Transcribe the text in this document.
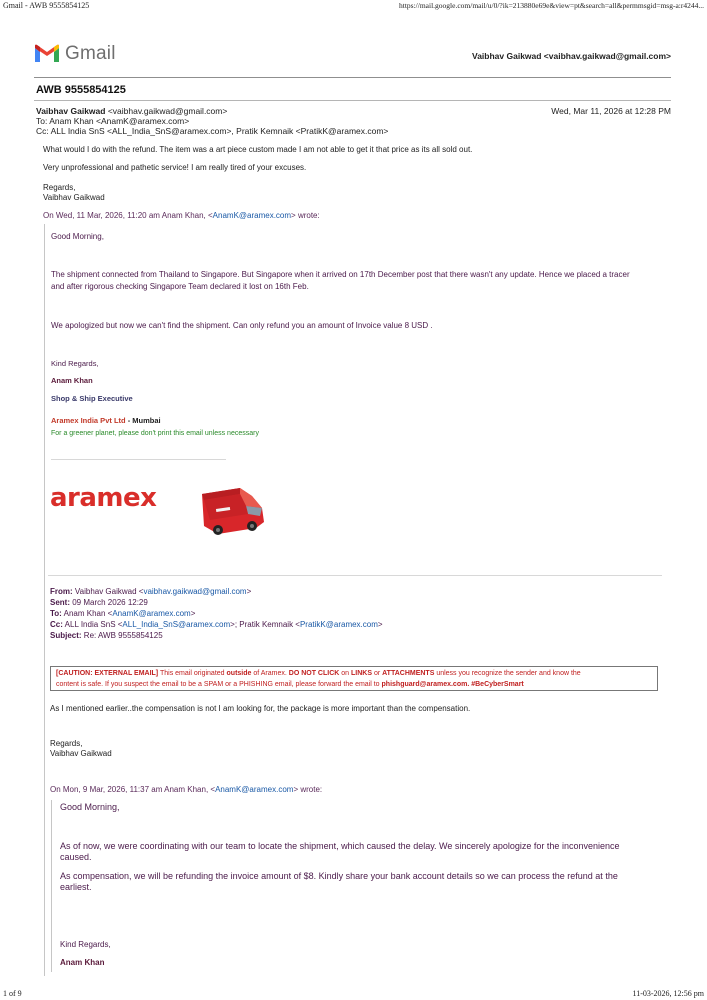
Gmail - AWB 9555854125	https://mail.google.com/mail/u/0/?ik=213880e69e&view=pt&search=all&permmsgid=msg-a:r4244...
1 of 9	11-03-2026, 12:56 pm
Gmail	Vaibhav Gaikwad <vaibhav.gaikwad@gmail.com>
AWB 9555854125
Vaibhav Gaikwad <vaibhav.gaikwad@gmail.com>	Wed, Mar 11, 2026 at 12:28 PM
To: Anam Khan <AnamK@aramex.com>
Cc: ALL India SnS <ALL_India_SnS@aramex.com>, Pratik Kemnaik <PratikK@aramex.com>
What would I do with the refund. The item was a art piece custom made I am not able to get it that price as its all sold out.
Very unprofessional and pathetic service! I am really tired of your excuses.
Regards,
Vaibhav Gaikwad
On Wed, 11 Mar, 2026, 11:20 am Anam Khan, <AnamK@aramex.com> wrote:
Good Morning,
The shipment connected from Thailand to Singapore. But Singapore when it arrived on 17th December post that there wasn't any update. Hence we placed a tracer
and after rigorous checking Singapore Team declared it lost on 16th Feb.
We apologized but now we can't find the shipment. Can only refund you an amount of Invoice value 8 USD .
Kind Regards,
Anam Khan
Shop & Ship Executive
Aramex India Pvt Ltd - Mumbai
For a greener planet, please don't print this email unless necessary
aramex
From: Vaibhav Gaikwad <vaibhav.gaikwad@gmail.com>
Sent: 09 March 2026 12:29
To: Anam Khan <AnamK@aramex.com>
Cc: ALL India SnS <ALL_India_SnS@aramex.com>; Pratik Kemnaik <PratikK@aramex.com>
Subject: Re: AWB 9555854125
[CAUTION: EXTERNAL EMAIL] This email originated outside of Aramex. DO NOT CLICK on LINKS or ATTACHMENTS unless you recognize the sender and know the
content is safe. If you suspect the email to be a SPAM or a PHISHING email, please forward the email to phishguard@aramex.com. #BeCyberSmart
As I mentioned earlier..the compensation is not I am looking for, the package is more important than the compensation.
Regards,
Vaibhav Gaikwad
On Mon, 9 Mar, 2026, 11:37 am Anam Khan, <AnamK@aramex.com> wrote:
Good Morning,
As of now, we were coordinating with our team to locate the shipment, which caused the delay. We sincerely apologize for the inconvenience
caused.
As compensation, we will be refunding the invoice amount of $8. Kindly share your bank account details so we can process the refund at the
earliest.
Kind Regards,
Anam Khan
